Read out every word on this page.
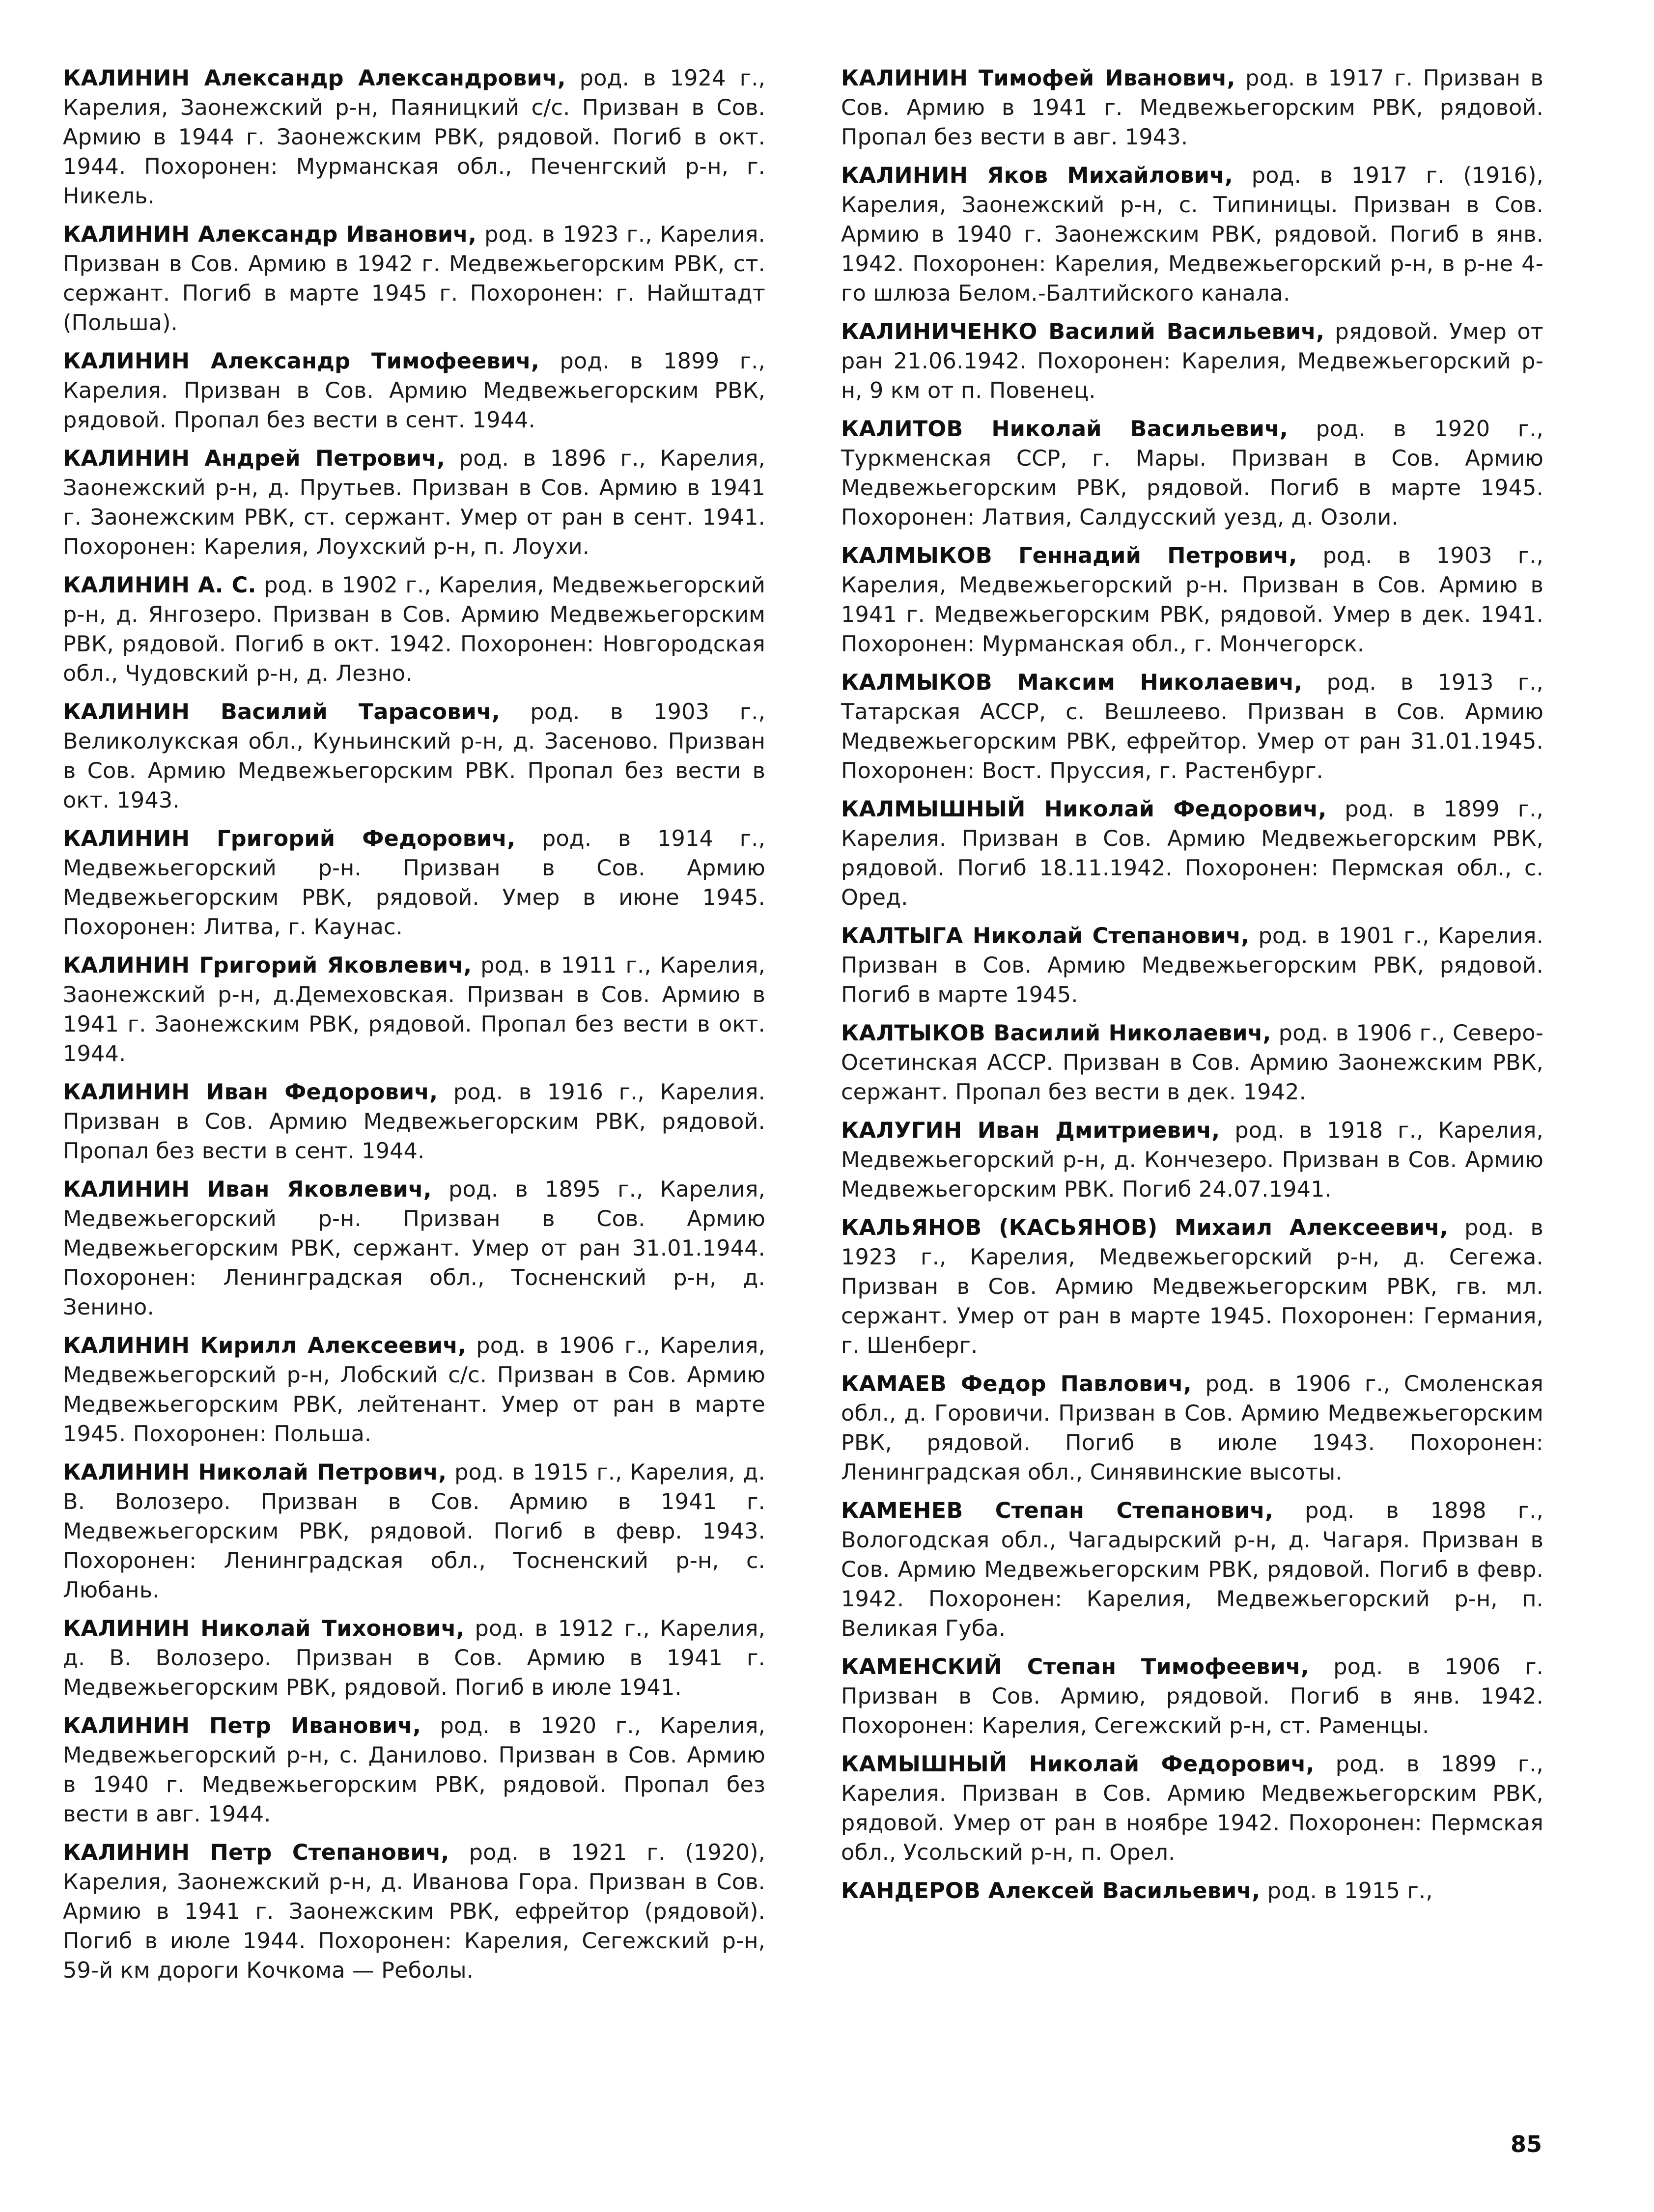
КАЛИНИН Александр Александрович, род. в 1924 г., Карелия, Заонежский р-н, Паяницкий с/с. Призван в Сов. Армию в 1944 г. Заонежским РВК, рядовой. Погиб в окт. 1944. Похоронен: Мурманская обл., Печенгский р-н, г. Никель.

КАЛИНИН Александр Иванович, род. в 1923 г., Карелия. Призван в Сов. Армию в 1942 г. Медвежьегорским РВК, ст. сержант. Погиб в марте 1945 г. Похоронен: г. Найштадт (Польша).

КАЛИНИН Александр Тимофеевич, род. в 1899 г., Карелия. Призван в Сов. Армию Медвежьегорским РВК, рядовой. Пропал без вести в сент. 1944.

КАЛИНИН Андрей Петрович, род. в 1896 г., Карелия, Заонежский р-н, д. Прутьев. Призван в Сов. Армию в 1941 г. Заонежским РВК, ст. сержант. Умер от ран в сент. 1941. Похоронен: Карелия, Лоухский р-н, п. Лоухи.

КАЛИНИН А. С. род. в 1902 г., Карелия, Медвежьегорский р-н, д. Янгозеро. Призван в Сов. Армию Медвежьегорским РВК, рядовой. Погиб в окт. 1942. Похоронен: Новгородская обл., Чудовский р-н, д. Лезно.

КАЛИНИН Василий Тарасович, род. в 1903 г., Великолукская обл., Куньинский р-н, д. Засеново. Призван в Сов. Армию Медвежьегорским РВК. Пропал без вести в окт. 1943.

КАЛИНИН Григорий Федорович, род. в 1914 г., Медвежьегорский р-н. Призван в Сов. Армию Медвежьегорским РВК, рядовой. Умер в июне 1945. Похоронен: Литва, г. Каунас.

КАЛИНИН Григорий Яковлевич, род. в 1911 г., Карелия, Заонежский р-н, д.Демеховская. Призван в Сов. Армию в 1941 г. Заонежским РВК, рядовой. Пропал без вести в окт. 1944.

КАЛИНИН Иван Федорович, род. в 1916 г., Карелия. Призван в Сов. Армию Медвежьегорским РВК, рядовой. Пропал без вести в сент. 1944.

КАЛИНИН Иван Яковлевич, род. в 1895 г., Карелия, Медвежьегорский р-н. Призван в Сов. Армию Медвежьегорским РВК, сержант. Умер от ран 31.01.1944. Похоронен: Ленинградская обл., Тосненский р-н, д. Зенино.

КАЛИНИН Кирилл Алексеевич, род. в 1906 г., Карелия, Медвежьегорский р-н, Лобский с/с. Призван в Сов. Армию Медвежьегорским РВК, лейтенант. Умер от ран в марте 1945. Похоронен: Польша.

КАЛИНИН Николай Петрович, род. в 1915 г., Карелия, д. В. Волозеро. Призван в Сов. Армию в 1941 г. Медвежьегорским РВК, рядовой. Погиб в февр. 1943. Похоронен: Ленинградская обл., Тосненский р-н, с. Любань.

КАЛИНИН Николай Тихонович, род. в 1912 г., Карелия, д. В. Волозеро. Призван в Сов. Армию в 1941 г. Медвежьегорским РВК, рядовой. Погиб в июле 1941.

КАЛИНИН Петр Иванович, род. в 1920 г., Карелия, Медвежьегорский р-н, с. Данилово. Призван в Сов. Армию в 1940 г. Медвежьегорским РВК, рядовой. Пропал без вести в авг. 1944.

КАЛИНИН Петр Степанович, род. в 1921 г. (1920), Карелия, Заонежский р-н, д. Иванова Гора. Призван в Сов. Армию в 1941 г. Заонежским РВК, ефрейтор (рядовой). Погиб в июле 1944. Похоронен: Карелия, Сегежский р-н, 59-й км дороги Кочкома — Реболы.

КАЛИНИН Тимофей Иванович, род. в 1917 г. Призван в Сов. Армию в 1941 г. Медвежьегорским РВК, рядовой. Пропал без вести в авг. 1943.

КАЛИНИН Яков Михайлович, род. в 1917 г. (1916), Карелия, Заонежский р-н, с. Типиницы. Призван в Сов. Армию в 1940 г. Заонежским РВК, рядовой. Погиб в янв. 1942. Похоронен: Карелия, Медвежьегорский р-н, в р-не 4-го шлюза Белом.-Балтийского канала.

КАЛИНИЧЕНКО Василий Васильевич, рядовой. Умер от ран 21.06.1942. Похоронен: Карелия, Медвежьегорский р-н, 9 км от п. Повенец.

КАЛИТОВ Николай Васильевич, род. в 1920 г., Туркменская ССР, г. Мары. Призван в Сов. Армию Медвежьегорским РВК, рядовой. Погиб в марте 1945. Похоронен: Латвия, Салдусский уезд, д. Озоли.

КАЛМЫКОВ Геннадий Петрович, род. в 1903 г., Карелия, Медвежьегорский р-н. Призван в Сов. Армию в 1941 г. Медвежьегорским РВК, рядовой. Умер в дек. 1941. Похоронен: Мурманская обл., г. Мончегорск.

КАЛМЫКОВ Максим Николаевич, род. в 1913 г., Татарская АССР, с. Вешлеево. Призван в Сов. Армию Медвежьегорским РВК, ефрейтор. Умер от ран 31.01.1945. Похоронен: Вост. Пруссия, г. Растенбург.

КАЛМЫШНЫЙ Николай Федорович, род. в 1899 г., Карелия. Призван в Сов. Армию Медвежьегорским РВК, рядовой. Погиб 18.11.1942. Похоронен: Пермская обл., с. Оред.

КАЛТЫГА Николай Степанович, род. в 1901 г., Карелия. Призван в Сов. Армию Медвежьегорским РВК, рядовой. Погиб в марте 1945.

КАЛТЫКОВ Василий Николаевич, род. в 1906 г., Северо-Осетинская АССР. Призван в Сов. Армию Заонежским РВК, сержант. Пропал без вести в дек. 1942.

КАЛУГИН Иван Дмитриевич, род. в 1918 г., Карелия, Медвежьегорский р-н, д. Кончезеро. Призван в Сов. Армию Медвежьегорским РВК. Погиб 24.07.1941.

КАЛЬЯНОВ (КАСЬЯНОВ) Михаил Алексеевич, род. в 1923 г., Карелия, Медвежьегорский р-н, д. Сегежа. Призван в Сов. Армию Медвежьегорским РВК, гв. мл. сержант. Умер от ран в марте 1945. Похоронен: Германия, г. Шенберг.

КАМАЕВ Федор Павлович, род. в 1906 г., Смоленская обл., д. Горовичи. Призван в Сов. Армию Медвежьегорским РВК, рядовой. Погиб в июле 1943. Похоронен: Ленинградская обл., Синявинские высоты.

КАМЕНЕВ Степан Степанович, род. в 1898 г., Вологодская обл., Чагадырский р-н, д. Чагаря. Призван в Сов. Армию Медвежьегорским РВК, рядовой. Погиб в февр. 1942. Похоронен: Карелия, Медвежьегорский р-н, п. Великая Губа.

КАМЕНСКИЙ Степан Тимофеевич, род. в 1906 г. Призван в Сов. Армию, рядовой. Погиб в янв. 1942. Похоронен: Карелия, Сегежский р-н, ст. Раменцы.

КАМЫШНЫЙ Николай Федорович, род. в 1899 г., Карелия. Призван в Сов. Армию Медвежьегорским РВК, рядовой. Умер от ран в ноябре 1942. Похоронен: Пермская обл., Усольский р-н, п. Орел.

КАНДЕРОВ Алексей Васильевич, род. в 1915 г.,

85
